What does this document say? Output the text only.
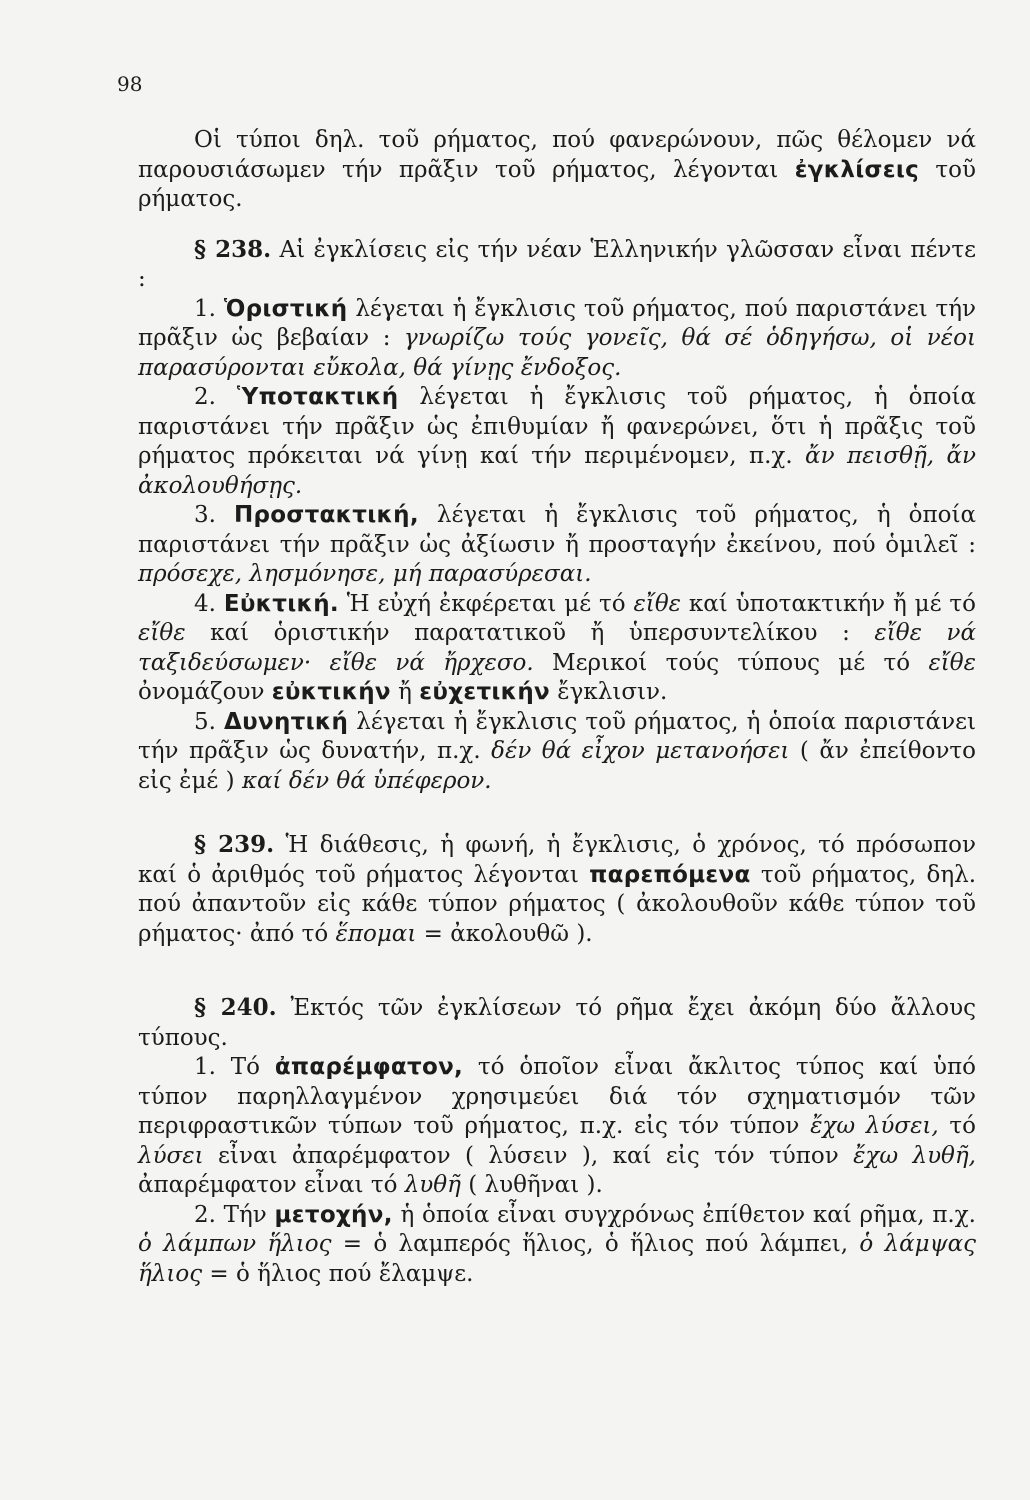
98

Οἱ τύποι δηλ. τοῦ ρήματος, πού φανερώνουν, πῶς θέλομεν νά παρουσιάσωμεν τήν πρᾶξιν τοῦ ρήματος, λέγονται ἐγκλίσεις τοῦ ρήματος.

§ 238. Αἱ ἐγκλίσεις εἰς τήν νέαν Ἑλληνικήν γλῶσσαν εἶναι πέντε :

1. Ὁριστική λέγεται ἡ ἔγκλισις τοῦ ρήματος, πού παριστάνει τήν πρᾶξιν ὡς βεβαίαν : γνωρίζω τούς γονεῖς, θά σέ ὁδηγήσω, οἱ νέοι παρασύρονται εὔκολα, θά γίνῃς ἔνδοξος.

2. Ὑποτακτική λέγεται ἡ ἔγκλισις τοῦ ρήματος, ἡ ὁποία παριστάνει τήν πρᾶξιν ὡς ἐπιθυμίαν ἤ φανερώνει, ὅτι ἡ πρᾶξις τοῦ ρήματος πρόκειται νά γίνῃ καί τήν περιμένομεν, π.χ. ἄν πεισθῇ, ἄν ἀκολουθήσῃς.

3. Προστακτική, λέγεται ἡ ἔγκλισις τοῦ ρήματος, ἡ ὁποία παριστάνει τήν πρᾶξιν ὡς ἀξίωσιν ἤ προσταγήν ἐκείνου, πού ὁμιλεῖ : πρόσεχε, λησμόνησε, μή παρασύρεσαι.

4. Εὐκτική. Ἡ εὐχή ἐκφέρεται μέ τό εἴθε καί ὑποτακτικήν ἤ μέ τό εἴθε καί ὁριστικήν παρατατικοῦ ἤ ὑπερσυντελίκου : εἴθε νά ταξιδεύσωμεν· εἴθε νά ἤρχεσο. Μερικοί τούς τύπους μέ τό εἴθε ὀνομάζουν εὐκτικήν ἤ εὐχετικήν ἔγκλισιν.

5. Δυνητική λέγεται ἡ ἔγκλισις τοῦ ρήματος, ἡ ὁποία παριστάνει τήν πρᾶξιν ὡς δυνατήν, π.χ. δέν θά εἶχον μετανοήσει ( ἄν ἐπείθοντο εἰς ἐμέ ) καί δέν θά ὑπέφερον.

§ 239. Ἡ διάθεσις, ἡ φωνή, ἡ ἔγκλισις, ὁ χρόνος, τό πρόσωπον καί ὁ ἀριθμός τοῦ ρήματος λέγονται παρεπόμενα τοῦ ρήματος, δηλ. πού ἀπαντοῦν εἰς κάθε τύπον ρήματος ( ἀκολουθοῦν κάθε τύπον τοῦ ρήματος· ἀπό τό ἕπομαι = ἀκολουθῶ ).

§ 240. Ἐκτός τῶν ἐγκλίσεων τό ρῆμα ἔχει ἀκόμη δύο ἄλλους τύπους.

1. Τό ἀπαρέμφατον, τό ὁποῖον εἶναι ἄκλιτος τύπος καί ὑπό τύπον παρηλλαγμένον χρησιμεύει διά τόν σχηματισμόν τῶν περιφραστικῶν τύπων τοῦ ρήματος, π.χ. εἰς τόν τύπον ἔχω λύσει, τό λύσει εἶναι ἀπαρέμφατον ( λύσειν ), καί εἰς τόν τύπον ἔχω λυθῆ, ἀπαρέμφατον εἶναι τό λυθῆ ( λυθῆναι ).

2. Τήν μετοχήν, ἡ ὁποία εἶναι συγχρόνως ἐπίθετον καί ρῆμα, π.χ. ὁ λάμπων ἥλιος = ὁ λαμπερός ἥλιος, ὁ ἥλιος πού λάμπει, ὁ λάμψας ἥλιος = ὁ ἥλιος πού ἔλαμψε.
